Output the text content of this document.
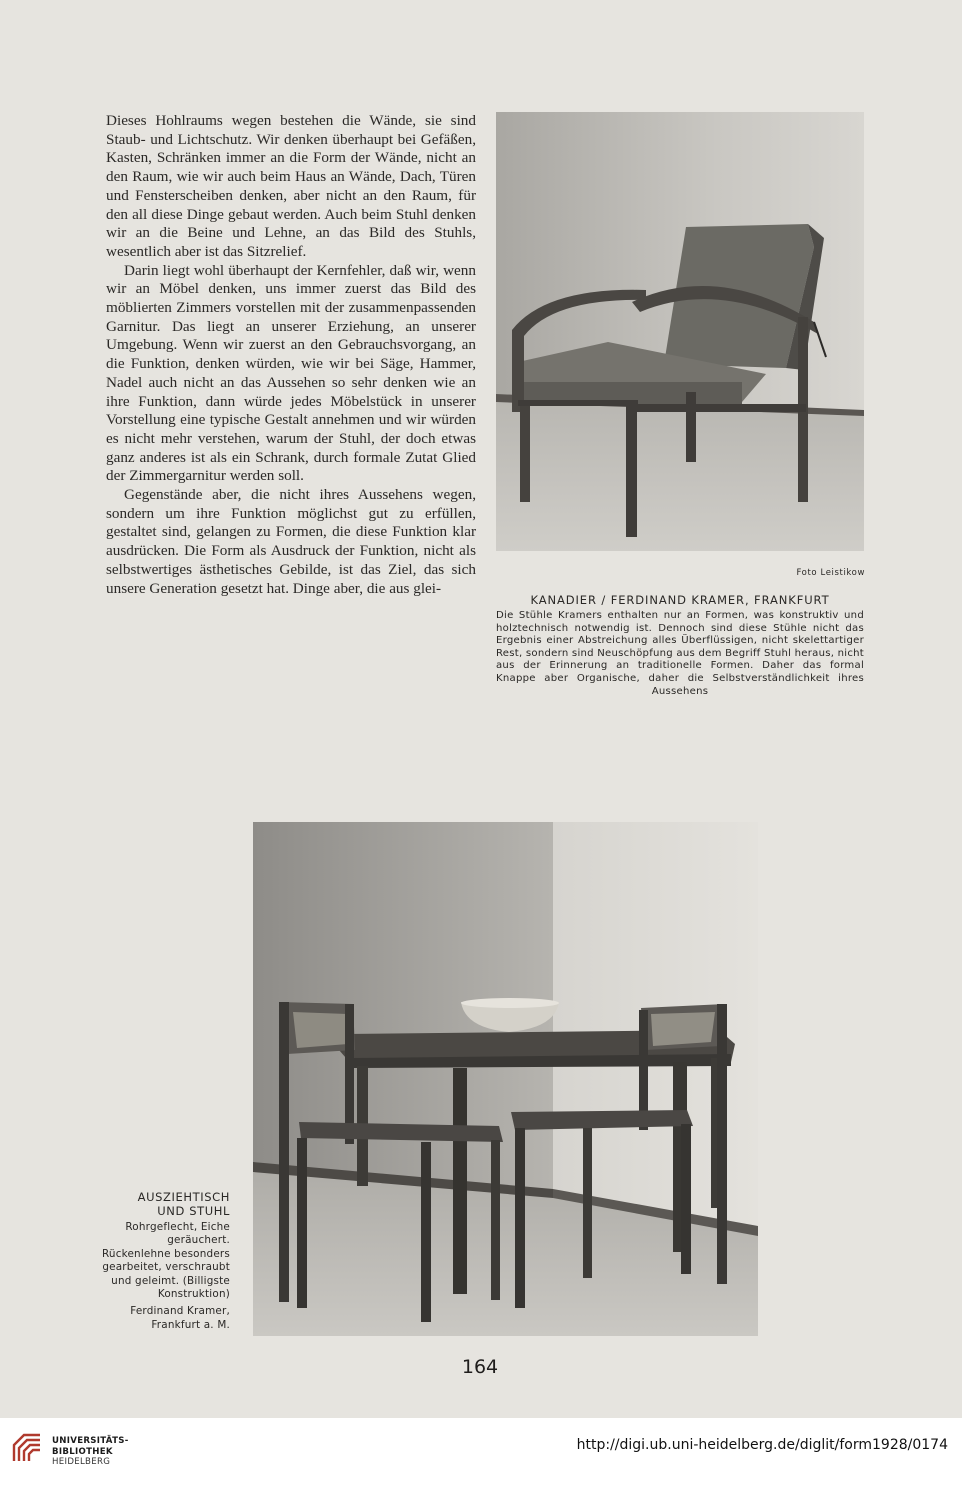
Dieses Hohlraums wegen bestehen die Wände, sie sind Staub- und Lichtschutz. Wir denken überhaupt bei Gefäßen, Kasten, Schränken immer an die Form der Wände, nicht an den Raum, wie wir auch beim Haus an Wände, Dach, Türen und Fensterscheiben denken, aber nicht an den Raum, für den all diese Dinge gebaut werden. Auch beim Stuhl denken wir an die Beine und Lehne, an das Bild des Stuhls, wesentlich aber ist das Sitzrelief.

Darin liegt wohl überhaupt der Kernfehler, daß wir, wenn wir an Möbel denken, uns immer zuerst das Bild des möblierten Zimmers vorstellen mit der zusammenpassenden Garnitur. Das liegt an unserer Erziehung, an unserer Umgebung. Wenn wir zuerst an den Gebrauchsvorgang, an die Funktion, denken würden, wie wir bei Säge, Hammer, Nadel auch nicht an das Aussehen so sehr denken wie an ihre Funktion, dann würde jedes Möbelstück in unserer Vorstellung eine typische Gestalt annehmen und wir würden es nicht mehr verstehen, warum der Stuhl, der doch etwas ganz anderes ist als ein Schrank, durch formale Zutat Glied der Zimmergarnitur werden soll.

Gegenstände aber, die nicht ihres Aussehens wegen, sondern um ihre Funktion möglichst gut zu erfüllen, gestaltet sind, gelangen zu Formen, die diese Funktion klar ausdrücken. Die Form als Ausdruck der Funktion, nicht als selbstwertiges ästhetisches Gebilde, ist das Ziel, das sich unsere Generation gesetzt hat. Dinge aber, die aus glei-

Foto Leistikow
KANADIER / FERDINAND KRAMER, FRANKFURT
Die Stühle Kramers enthalten nur an Formen, was konstruktiv und holztechnisch notwendig ist. Dennoch sind diese Stühle nicht das Ergebnis einer Abstreichung alles Überflüssigen, nicht skelettartiger Rest, sondern sind Neuschöpfung aus dem Begriff Stuhl heraus, nicht aus der Erinnerung an traditionelle Formen. Daher das formal Knappe aber Organische, daher die Selbstverständlichkeit ihres Aussehens
AUSZIEHTISCH
UND STUHL
Rohrgeflecht, Eiche geräuchert. Rückenlehne besonders gearbeitet, verschraubt und geleimt. (Billigste Konstruktion)
Ferdinand Kramer,
Frankfurt a. M.
164
UNIVERSITÄTS-
BIBLIOTHEK
HEIDELBERG
http://digi.ub.uni-heidelberg.de/diglit/form1928/0174
